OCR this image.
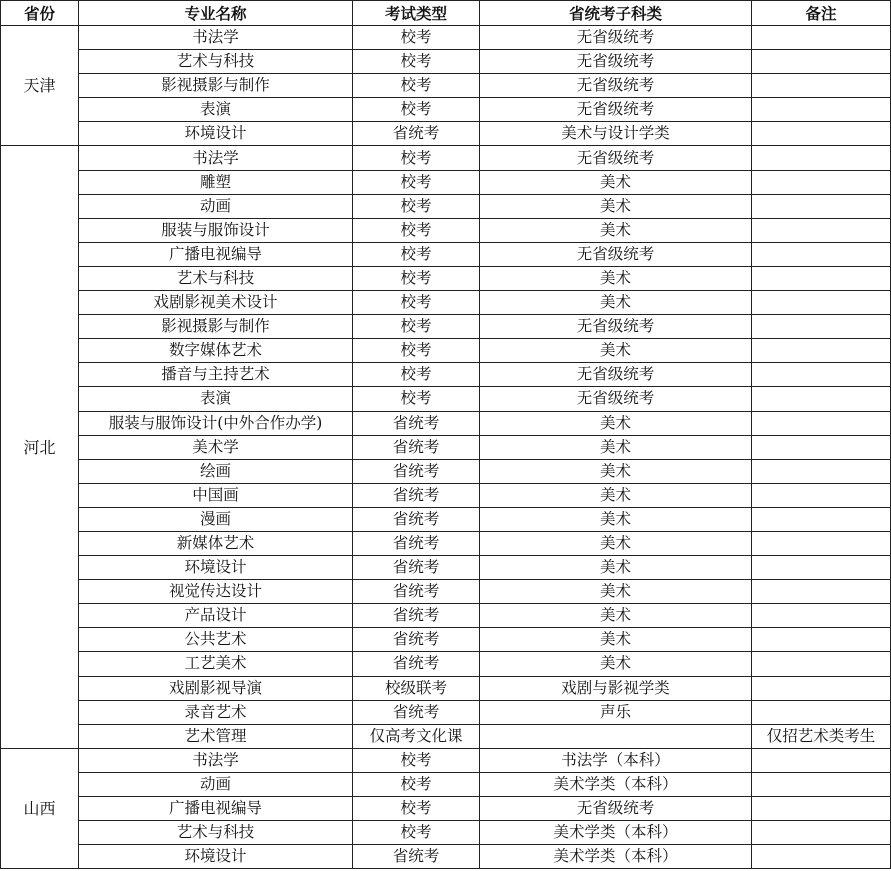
省份	专业名称	考试类型	省统考子科类	备注
天津	书法学	校考	无省级统考	
	艺术与科技	校考	无省级统考	
	影视摄影与制作	校考	无省级统考	
	表演	校考	无省级统考	
	环境设计	省统考	美术与设计学类	
河北	书法学	校考	无省级统考	
	雕塑	校考	美术	
	动画	校考	美术	
	服装与服饰设计	校考	美术	
	广播电视编导	校考	无省级统考	
	艺术与科技	校考	美术	
	戏剧影视美术设计	校考	美术	
	影视摄影与制作	校考	无省级统考	
	数字媒体艺术	校考	美术	
	播音与主持艺术	校考	无省级统考	
	表演	校考	无省级统考	
	服装与服饰设计(中外合作办学)	省统考	美术	
	美术学	省统考	美术	
	绘画	省统考	美术	
	中国画	省统考	美术	
	漫画	省统考	美术	
	新媒体艺术	省统考	美术	
	环境设计	省统考	美术	
	视觉传达设计	省统考	美术	
	产品设计	省统考	美术	
	公共艺术	省统考	美术	
	工艺美术	省统考	美术	
	戏剧影视导演	校级联考	戏剧与影视学类	
	录音艺术	省统考	声乐	
	艺术管理	仅高考文化课		仅招艺术类考生
山西	书法学	校考	书法学（本科）	
	动画	校考	美术学类（本科）	
	广播电视编导	校考	无省级统考	
	艺术与科技	校考	美术学类（本科）	
	环境设计	省统考	美术学类（本科）	
